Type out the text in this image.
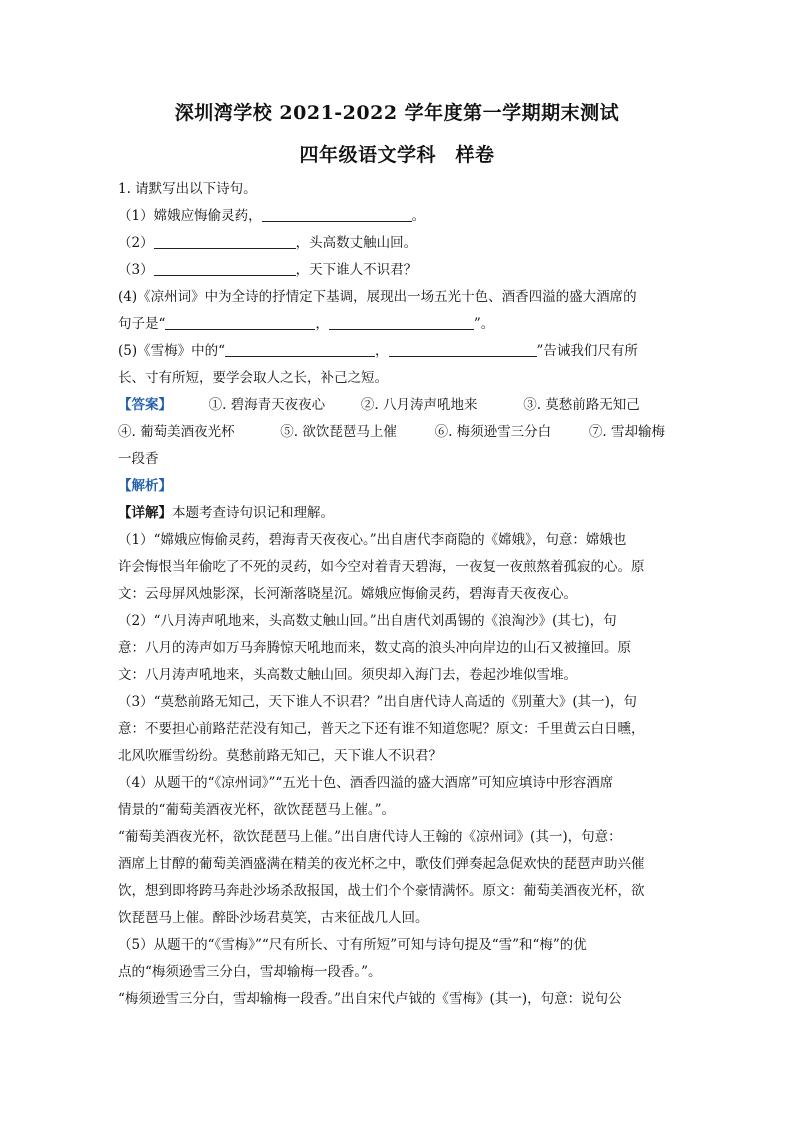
深圳湾学校 2021-2022 学年度第一学期期末测试
四年级语文学科　样卷
1. 请默写出以下诗句。
（1）嫦娥应悔偷灵药，	。
（2）	，头高数丈触山回。
（3）	，天下谁人不识君？
(4)《凉州词》中为全诗的抒情定下基调，展现出一场五光十色、酒香四溢的盛大酒席的
句子是“	，	”。
(5)《雪梅》中的“	，	”告诫我们尺有所
长、寸有所短，要学会取人之长，补己之短。
【答案】	①. 碧海青天夜夜心	②. 八月涛声吼地来	③. 莫愁前路无知己
④. 葡萄美酒夜光杯	⑤. 欲饮琵琶马上催	⑥. 梅须逊雪三分白	⑦. 雪却输梅
一段香
【解析】
【详解】本题考查诗句识记和理解。
（1）“嫦娥应悔偷灵药，碧海青天夜夜心。”出自唐代李商隐的《嫦娥》，句意：嫦娥也
许会悔恨当年偷吃了不死的灵药，如今空对着青天碧海，一夜复一夜煎熬着孤寂的心。原
文：云母屏风烛影深，长河渐落晓星沉。嫦娥应悔偷灵药，碧海青天夜夜心。
（2）“八月涛声吼地来，头高数丈触山回。”出自唐代刘禹锡的《浪淘沙》(其七)，句
意：八月的涛声如万马奔腾惊天吼地而来，数丈高的浪头冲向岸边的山石又被撞回。原
文：八月涛声吼地来，头高数丈触山回。须臾却入海门去，卷起沙堆似雪堆。
（3）“莫愁前路无知己，天下谁人不识君？”出自唐代诗人高适的《别董大》(其一)，句
意：不要担心前路茫茫没有知己，普天之下还有谁不知道您呢？原文：千里黄云白日曛，
北风吹雁雪纷纷。莫愁前路无知己，天下谁人不识君？
（4）从题干的“《凉州词》”“五光十色、酒香四溢的盛大酒席”可知应填诗中形容酒席
情景的“葡萄美酒夜光杯，欲饮琵琶马上催。”。
“葡萄美酒夜光杯，欲饮琵琶马上催。”出自唐代诗人王翰的《凉州词》(其一)，句意：
酒席上甘醇的葡萄美酒盛满在精美的夜光杯之中，歌伎们弹奏起急促欢快的琵琶声助兴催
饮，想到即将跨马奔赴沙场杀敌报国，战士们个个豪情满怀。原文：葡萄美酒夜光杯，欲
饮琵琶马上催。醉卧沙场君莫笑，古来征战几人回。
（5）从题干的“《雪梅》”“尺有所长、寸有所短”可知与诗句提及“雪”和“梅”的优
点的“梅须逊雪三分白，雪却输梅一段香。”。
“梅须逊雪三分白，雪却输梅一段香。”出自宋代卢钺的《雪梅》(其一)，句意：说句公
